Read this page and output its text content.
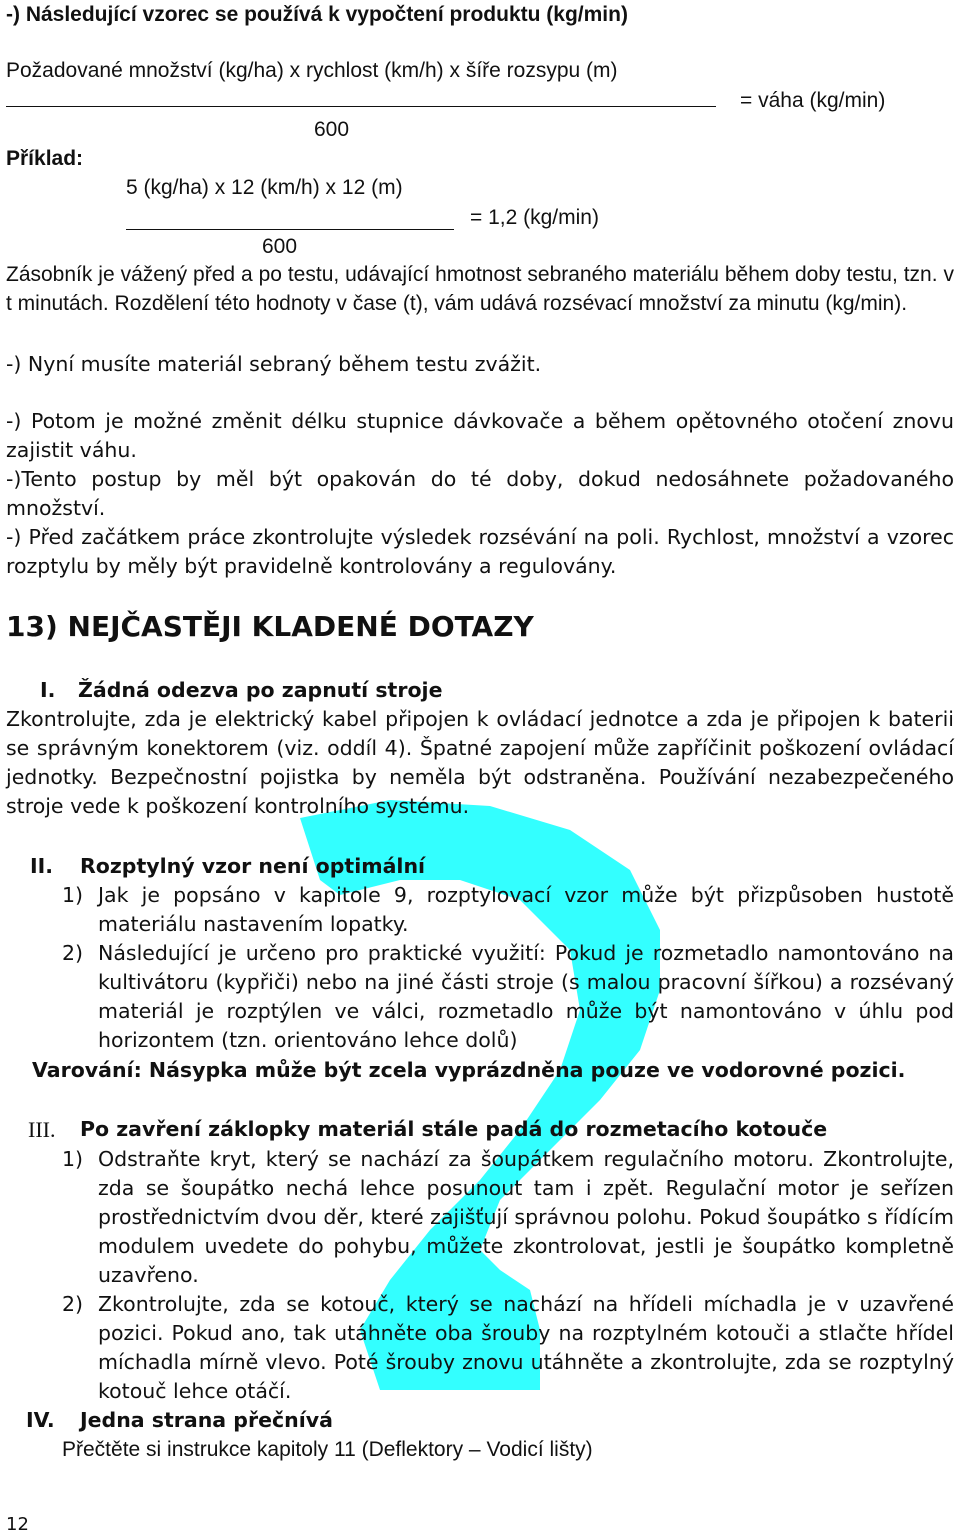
-) Následující vzorec se používá k vypočtení produktu (kg/min)
Požadované množství (kg/ha) x rychlost (km/h) x šíře rozsypu (m)
= váha (kg/min)
600
Příklad:
5 (kg/ha) x 12 (km/h) x 12 (m)
= 1,2 (kg/min)
600
Zásobník je vážený před a po testu, udávající hmotnost sebraného materiálu během doby testu, tzn. v t minutách. Rozdělení této hodnoty v čase (t), vám udává rozsévací množství za minutu (kg/min).
-) Nyní musíte materiál sebraný během testu zvážit.
-) Potom je možné změnit délku stupnice dávkovače a během opětovného otočení znovu zajistit váhu.
-)Tento postup by měl být opakován do té doby, dokud nedosáhnete požadovaného množství.
-) Před začátkem práce zkontrolujte výsledek rozsévání na poli. Rychlost, množství a vzorec rozptylu by měly být pravidelně kontrolovány a regulovány.
13) NEJČASTĚJI KLADENÉ DOTAZY
I. Žádná odezva po zapnutí stroje
Zkontrolujte, zda je elektrický kabel připojen k ovládací jednotce a zda je připojen k baterii se správným konektorem (viz. oddíl 4). Špatné zapojení může zapříčinit poškození ovládací jednotky. Bezpečnostní pojistka by neměla být odstraněna. Používání nezabezpečeného stroje vede k poškození kontrolního systému.
II. Rozptylný vzor není optimální
1) Jak je popsáno v kapitole 9, rozptylovací vzor může být přizpůsoben hustotě materiálu nastavením lopatky.
2) Následující je určeno pro praktické využití: Pokud je rozmetadlo namontováno na kultivátoru (kypřiči) nebo na jiné části stroje (s malou pracovní šířkou) a rozsévaný materiál je rozptýlen ve válci, rozmetadlo může být namontováno v úhlu pod horizontem (tzn. orientováno lehce dolů)
Varování: Násypka může být zcela vyprázdněna pouze ve vodorovné pozici.
III. Po zavření záklopky materiál stále padá do rozmetacího kotouče
1) Odstraňte kryt, který se nachází za šoupátkem regulačního motoru. Zkontrolujte, zda se šoupátko nechá lehce posunout tam i zpět. Regulační motor je seřízen prostřednictvím dvou děr, které zajišťují správnou polohu. Pokud šoupátko s řídícím modulem uvedete do pohybu, můžete zkontrolovat, jestli je šoupátko kompletně uzavřeno.
2) Zkontrolujte, zda se kotouč, který se nachází na hřídeli míchadla je v uzavřené pozici. Pokud ano, tak utáhněte oba šrouby na rozptylném kotouči a stlačte hřídel míchadla mírně vlevo. Poté šrouby znovu utáhněte a zkontrolujte, zda se rozptylný kotouč lehce otáčí.
IV. Jedna strana přečnívá
Přečtěte si instrukce kapitoly 11 (Deflektory – Vodicí lišty)
12
